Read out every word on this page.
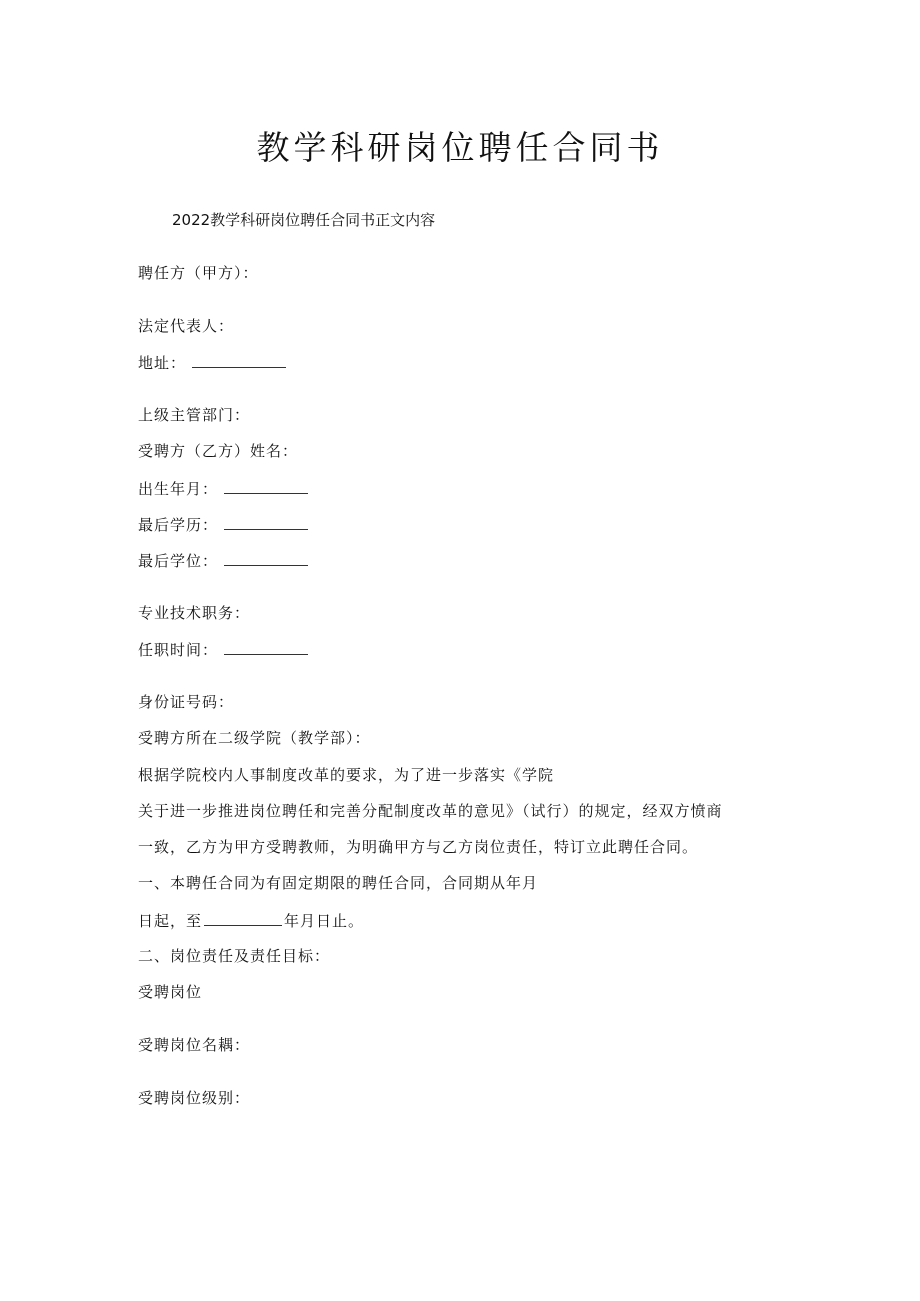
教学科研岗位聘任合同书
2022教学科研岗位聘任合同书正文内容
聘任方（甲方）：
法定代表人：
地址：
上级主管部门：
受聘方（乙方）姓名：
出生年月：
最后学历：
最后学位：
专业技术职务：
任职时间：
身份证号码：
受聘方所在二级学院（教学部）：
根据学院校内人事制度改革的要求，为了进一步落实《学院
关于进一步推进岗位聘任和完善分配制度改革的意见》（试行）的规定，经双方愤商
一致，乙方为甲方受聘教师，为明确甲方与乙方岗位责任，特订立此聘任合同。
一、本聘任合同为有固定期限的聘任合同，合同期从年月
日起，至	年月日止。
二、岗位责任及责任目标：
受聘岗位
受聘岗位名耦：
受聘岗位级别：
